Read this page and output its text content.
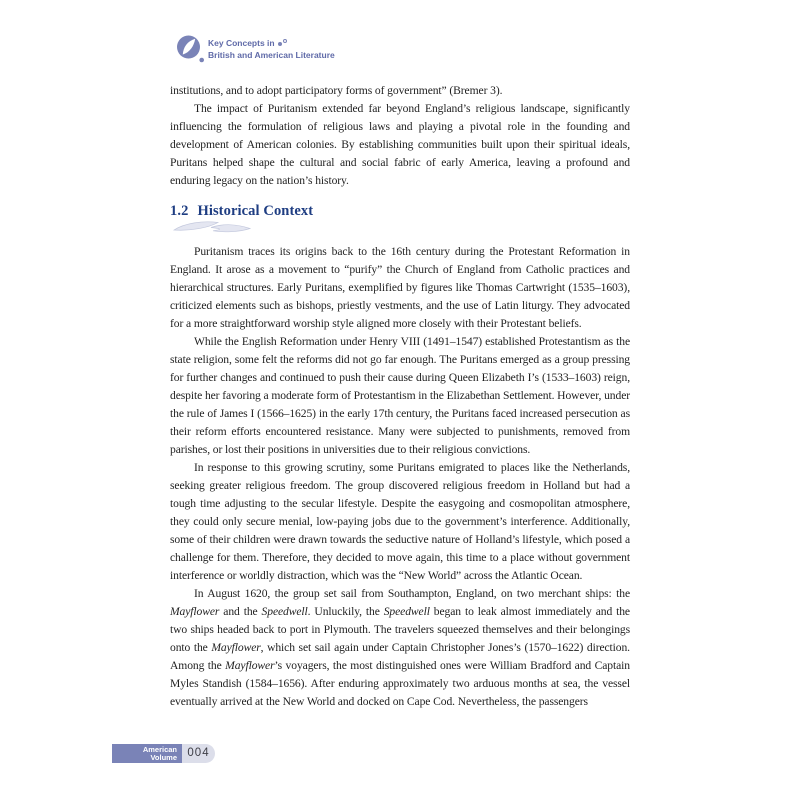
Key Concepts in
British and American Literature

institutions, and to adopt participatory forms of government” (Bremer 3).

The impact of Puritanism extended far beyond England’s religious landscape, significantly influencing the formulation of religious laws and playing a pivotal role in the founding and development of American colonies. By establishing communities built upon their spiritual ideals, Puritans helped shape the cultural and social fabric of early America, leaving a profound and enduring legacy on the nation’s history.

1.2 Historical Context

Puritanism traces its origins back to the 16th century during the Protestant Reformation in England. It arose as a movement to “purify” the Church of England from Catholic practices and hierarchical structures. Early Puritans, exemplified by figures like Thomas Cartwright (1535–1603), criticized elements such as bishops, priestly vestments, and the use of Latin liturgy. They advocated for a more straightforward worship style aligned more closely with their Protestant beliefs.

While the English Reformation under Henry VIII (1491–1547) established Protestantism as the state religion, some felt the reforms did not go far enough. The Puritans emerged as a group pressing for further changes and continued to push their cause during Queen Elizabeth I’s (1533–1603) reign, despite her favoring a moderate form of Protestantism in the Elizabethan Settlement. However, under the rule of James I (1566–1625) in the early 17th century, the Puritans faced increased persecution as their reform efforts encountered resistance. Many were subjected to punishments, removed from parishes, or lost their positions in universities due to their religious convictions.

In response to this growing scrutiny, some Puritans emigrated to places like the Netherlands, seeking greater religious freedom. The group discovered religious freedom in Holland but had a tough time adjusting to the secular lifestyle. Despite the easygoing and cosmopolitan atmosphere, they could only secure menial, low-paying jobs due to the government’s interference. Additionally, some of their children were drawn towards the seductive nature of Holland’s lifestyle, which posed a challenge for them. Therefore, they decided to move again, this time to a place without government interference or worldly distraction, which was the “New World” across the Atlantic Ocean.

In August 1620, the group set sail from Southampton, England, on two merchant ships: the Mayflower and the Speedwell. Unluckily, the Speedwell began to leak almost immediately and the two ships headed back to port in Plymouth. The travelers squeezed themselves and their belongings onto the Mayflower, which set sail again under Captain Christopher Jones’s (1570–1622) direction. Among the Mayflower’s voyagers, the most distinguished ones were William Bradford and Captain Myles Standish (1584–1656). After enduring approximately two arduous months at sea, the vessel eventually arrived at the New World and docked on Cape Cod. Nevertheless, the passengers

American
Volume 004
